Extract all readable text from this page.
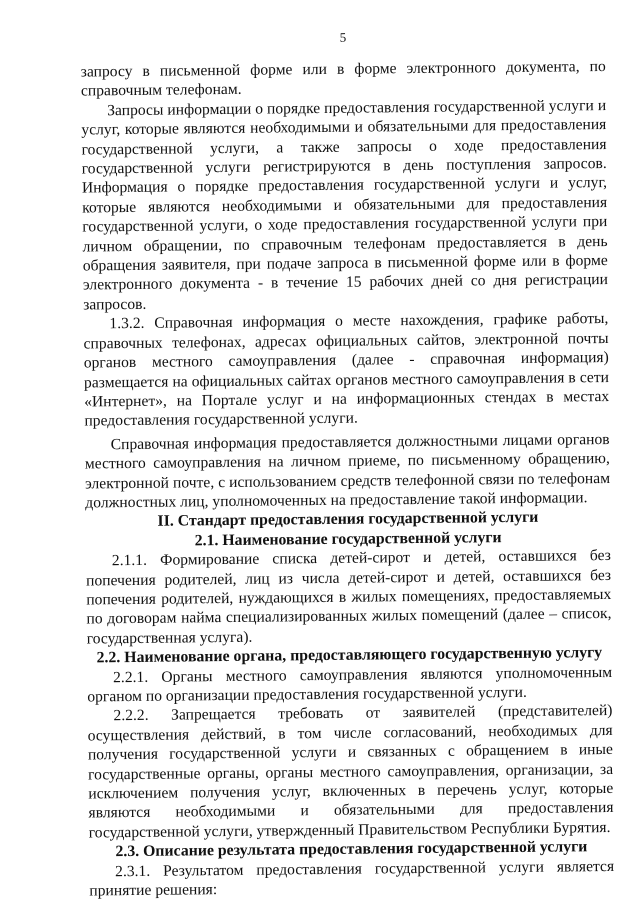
5

запросу в письменной форме или в форме электронного документа, по справочным телефонам.

Запросы информации о порядке предоставления государственной услуги и услуг, которые являются необходимыми и обязательными для предоставления государственной услуги, а также запросы о ходе предоставления государственной услуги регистрируются в день поступления запросов. Информация о порядке предоставления государственной услуги и услуг, которые являются необходимыми и обязательными для предоставления государственной услуги, о ходе предоставления государственной услуги при личном обращении, по справочным телефонам предоставляется в день обращения заявителя, при подаче запроса в письменной форме или в форме электронного документа - в течение 15 рабочих дней со дня регистрации запросов.

1.3.2. Справочная информация о месте нахождения, графике работы, справочных телефонах, адресах официальных сайтов, электронной почты органов местного самоуправления (далее - справочная информация) размещается на официальных сайтах органов местного самоуправления в сети «Интернет», на Портале услуг и на информационных стендах в местах предоставления государственной услуги.

Справочная информация предоставляется должностными лицами органов местного самоуправления на личном приеме, по письменному обращению, электронной почте, с использованием средств телефонной связи по телефонам должностных лиц, уполномоченных на предоставление такой информации.

II. Стандарт предоставления государственной услуги
2.1. Наименование государственной услуги

2.1.1. Формирование списка детей-сирот и детей, оставшихся без попечения родителей, лиц из числа детей-сирот и детей, оставшихся без попечения родителей, нуждающихся в жилых помещениях, предоставляемых по договорам найма специализированных жилых помещений (далее – список, государственная услуга).

2.2. Наименование органа, предоставляющего государственную услугу

2.2.1. Органы местного самоуправления являются уполномоченным органом по организации предоставления государственной услуги.

2.2.2. Запрещается требовать от заявителей (представителей) осуществления действий, в том числе согласований, необходимых для получения государственной услуги и связанных с обращением в иные государственные органы, органы местного самоуправления, организации, за исключением получения услуг, включенных в перечень услуг, которые являются необходимыми и обязательными для предоставления государственной услуги, утвержденный Правительством Республики Бурятия.

2.3. Описание результата предоставления государственной услуги

2.3.1. Результатом предоставления государственной услуги является принятие решения:
